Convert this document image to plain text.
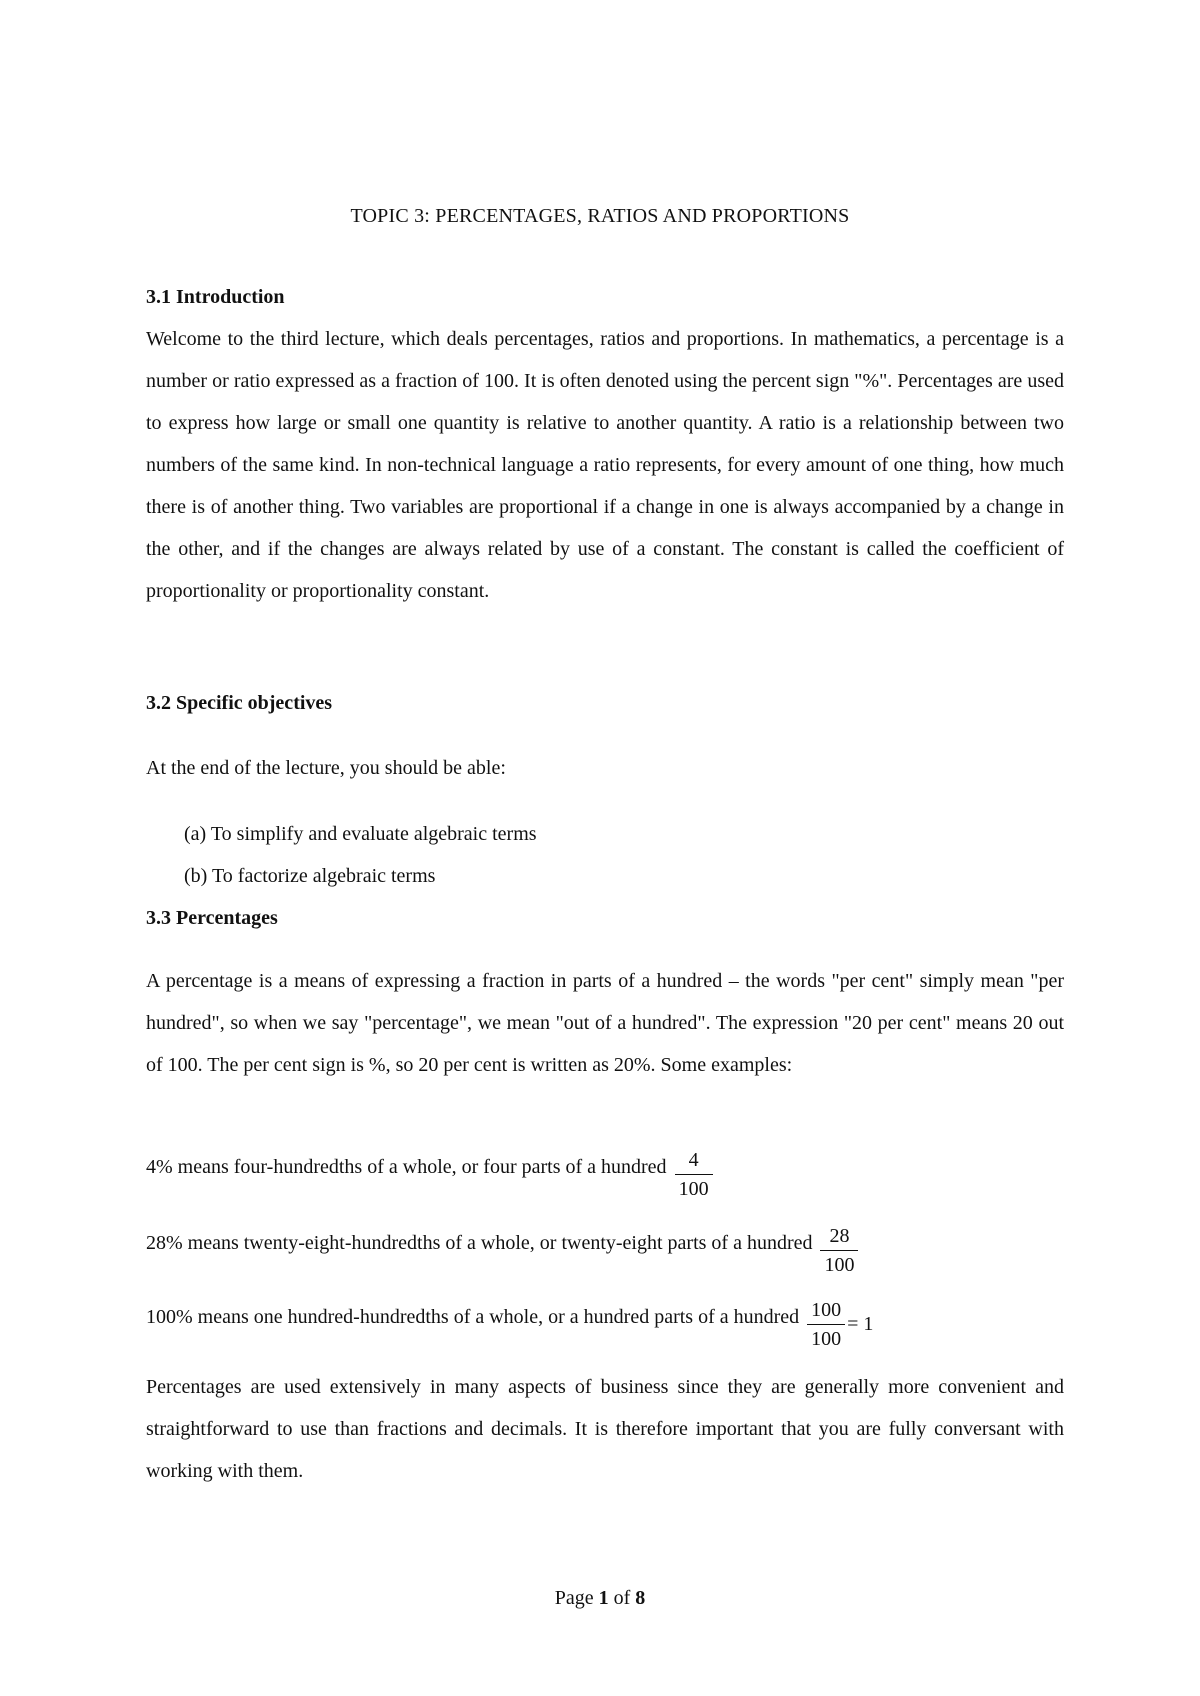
TOPIC 3: PERCENTAGES, RATIOS AND PROPORTIONS
3.1 Introduction

Welcome to the third lecture, which deals percentages, ratios and proportions. In mathematics, a percentage is a number or ratio expressed as a fraction of 100. It is often denoted using the percent sign "%". Percentages are used to express how large or small one quantity is relative to another quantity. A ratio is a relationship between two numbers of the same kind. In non-technical language a ratio represents, for every amount of one thing, how much there is of another thing. Two variables are proportional if a change in one is always accompanied by a change in the other, and if the changes are always related by use of a constant. The constant is called the coefficient of proportionality or proportionality constant.

3.2 Specific objectives
At the end of the lecture, you should be able:
(a) To simplify and evaluate algebraic terms
(b) To factorize algebraic terms
3.3 Percentages

A percentage is a means of expressing a fraction in parts of a hundred – the words "per cent" simply mean "per hundred", so when we say "percentage", we mean "out of a hundred". The expression "20 per cent" means 20 out of 100. The per cent sign is %, so 20 per cent is written as 20%. Some examples:

4% means four-hundredths of a whole, or four parts of a hundred $\frac{4}{100}$
28% means twenty-eight-hundredths of a whole, or twenty-eight parts of a hundred $\frac{28}{100}$
100% means one hundred-hundredths of a whole, or a hundred parts of a hundred $\frac{100}{100} = 1$

Percentages are used extensively in many aspects of business since they are generally more convenient and straightforward to use than fractions and decimals. It is therefore important that you are fully conversant with working with them.

Page 1 of 8
